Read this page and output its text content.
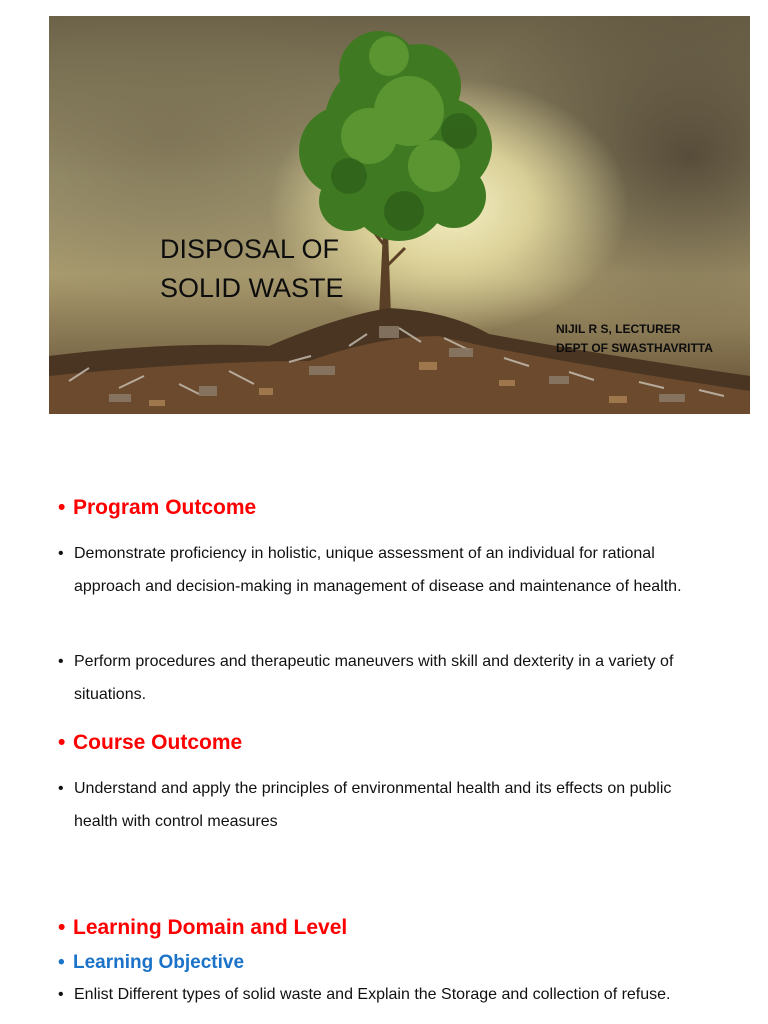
DISPOSAL OF
SOLID WASTE
NIJIL R S, LECTURER
DEPT OF SWASTHAVRITTA
• Program Outcome
• Demonstrate proficiency in holistic, unique assessment of an individual for rational approach and decision-making in management of disease and maintenance of health.
• Perform procedures and therapeutic maneuvers with skill and dexterity in a variety of situations.
• Course Outcome
• Understand and apply the principles of environmental health and its effects on public health with control measures
• Learning Domain and Level
• Learning Objective
• Enlist Different types of solid waste and Explain the Storage and collection of refuse.
